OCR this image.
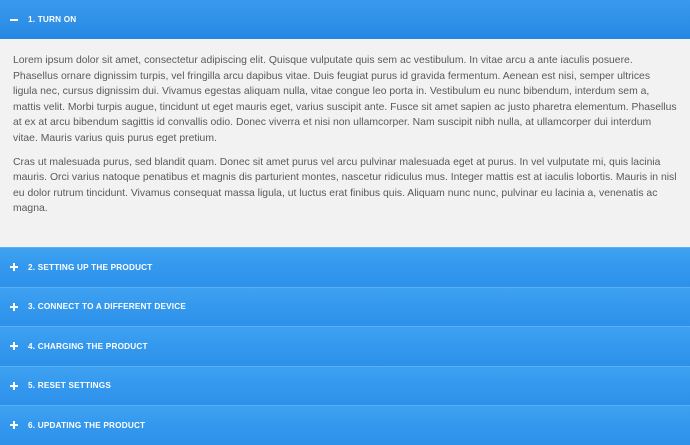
1. TURN ON

Lorem ipsum dolor sit amet, consectetur adipiscing elit. Quisque vulputate quis sem ac vestibulum. In vitae arcu a ante iaculis posuere. Phasellus ornare dignissim turpis, vel fringilla arcu dapibus vitae. Duis feugiat purus id gravida fermentum. Aenean est nisi, semper ultrices ligula nec, cursus dignissim dui. Vivamus egestas aliquam nulla, vitae congue leo porta in. Vestibulum eu nunc bibendum, interdum sem a, mattis velit. Morbi turpis augue, tincidunt ut eget mauris eget, varius suscipit ante. Fusce sit amet sapien ac justo pharetra elementum. Phasellus at ex at arcu bibendum sagittis id convallis odio. Donec viverra et nisi non ullamcorper. Nam suscipit nibh nulla, at ullamcorper dui interdum vitae. Mauris varius quis purus eget pretium.

Cras ut malesuada purus, sed blandit quam. Donec sit amet purus vel arcu pulvinar malesuada eget at purus. In vel vulputate mi, quis lacinia mauris. Orci varius natoque penatibus et magnis dis parturient montes, nascetur ridiculus mus. Integer mattis est at iaculis lobortis. Mauris in nisl eu dolor rutrum tincidunt. Vivamus consequat massa ligula, ut luctus erat finibus quis. Aliquam nunc nunc, pulvinar eu lacinia a, venenatis ac magna.

2. SETTING UP THE PRODUCT
3. CONNECT TO A DIFFERENT DEVICE
4. CHARGING THE PRODUCT
5. RESET SETTINGS
6. UPDATING THE PRODUCT
